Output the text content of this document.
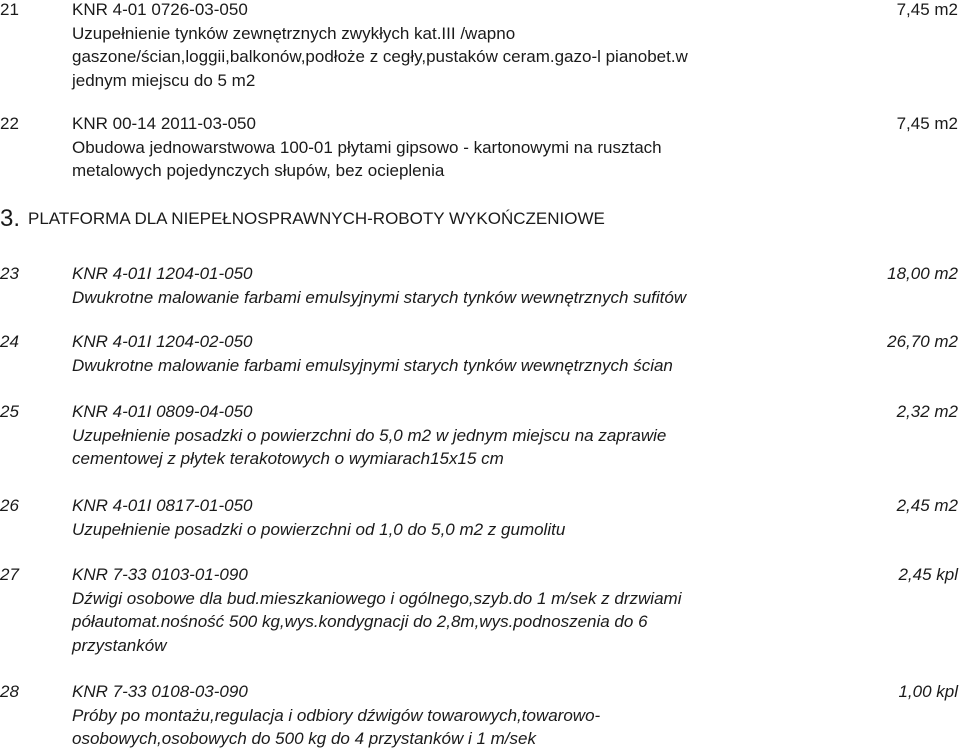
21	KNR 4-01 0726-03-050	7,45 m2
Uzupełnienie tynków zewnętrznych zwykłych kat.III /wapno
gaszone/ścian,loggii,balkonów,podłoże z cegły,pustaków ceram.gazo-l pianobet.w
jednym miejscu do 5 m2
22	KNR 00-14 2011-03-050	7,45 m2
Obudowa jednowarstwowa 100-01 płytami gipsowo - kartonowymi na rusztach
metalowych pojedynczych słupów, bez ocieplenia
3. PLATFORMA DLA NIEPEŁNOSPRAWNYCH-ROBOTY WYKOŃCZENIOWE
23	KNR 4-01I 1204-01-050	18,00 m2
Dwukrotne malowanie farbami emulsyjnymi starych tynków wewnętrznych sufitów
24	KNR 4-01I 1204-02-050	26,70 m2
Dwukrotne malowanie farbami emulsyjnymi starych tynków wewnętrznych ścian
25	KNR 4-01I 0809-04-050	2,32 m2
Uzupełnienie posadzki o powierzchni do 5,0 m2 w jednym miejscu na zaprawie
cementowej z płytek terakotowych o wymiarach15x15 cm
26	KNR 4-01I 0817-01-050	2,45 m2
Uzupełnienie posadzki o powierzchni od 1,0 do 5,0 m2 z gumolitu
27	KNR 7-33 0103-01-090	2,45 kpl
Dźwigi osobowe dla bud.mieszkaniowego i ogólnego,szyb.do 1 m/sek z drzwiami
półautomat.nośność 500 kg,wys.kondygnacji do 2,8m,wys.podnoszenia do 6
przystanków
28	KNR 7-33 0108-03-090	1,00 kpl
Próby po montażu,regulacja i odbiory dźwigów towarowych,towarowo-
osobowych,osobowych do 500 kg do 4 przystanków i 1 m/sek
